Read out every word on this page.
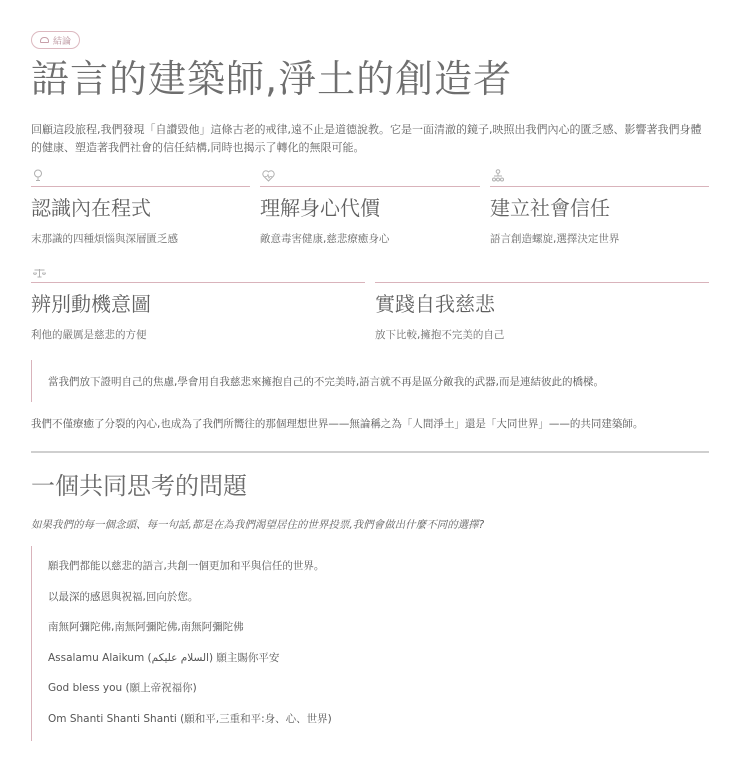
結論
語言的建築師,淨土的創造者

回顧這段旅程,我們發現「自讚毀他」這條古老的戒律,遠不止是道德說教。它是一面清澈的鏡子,映照出我們內心的匱乏感、影響著我們身體的健康、塑造著我們社會的信任結構,同時也揭示了轉化的無限可能。

認識內在程式

末那識的四種煩惱與深層匱乏感

理解身心代價

敵意毒害健康,慈悲療癒身心

建立社會信任

語言創造螺旋,選擇決定世界

辨別動機意圖

利他的嚴厲是慈悲的方便

實踐自我慈悲

放下比較,擁抱不完美的自己

當我們放下證明自己的焦慮,學會用自我慈悲來擁抱自己的不完美時,語言就不再是區分敵我的武器,而是連結彼此的橋樑。

我們不僅療癒了分裂的內心,也成為了我們所嚮往的那個理想世界——無論稱之為「人間淨土」還是「大同世界」——的共同建築師。

一個共同思考的問題

如果我們的每一個念頭、每一句話,都是在為我們渴望居住的世界投票,我們會做出什麼不同的選擇?

願我們都能以慈悲的語言,共創一個更加和平與信任的世界。
以最深的感恩與祝福,回向於您。
南無阿彌陀佛,南無阿彌陀佛,南無阿彌陀佛
Assalamu Alaikum (السلام عليكم) 願主賜你平安
God bless you (願上帝祝福你)
Om Shanti Shanti Shanti (願和平,三重和平:身、心、世界)
